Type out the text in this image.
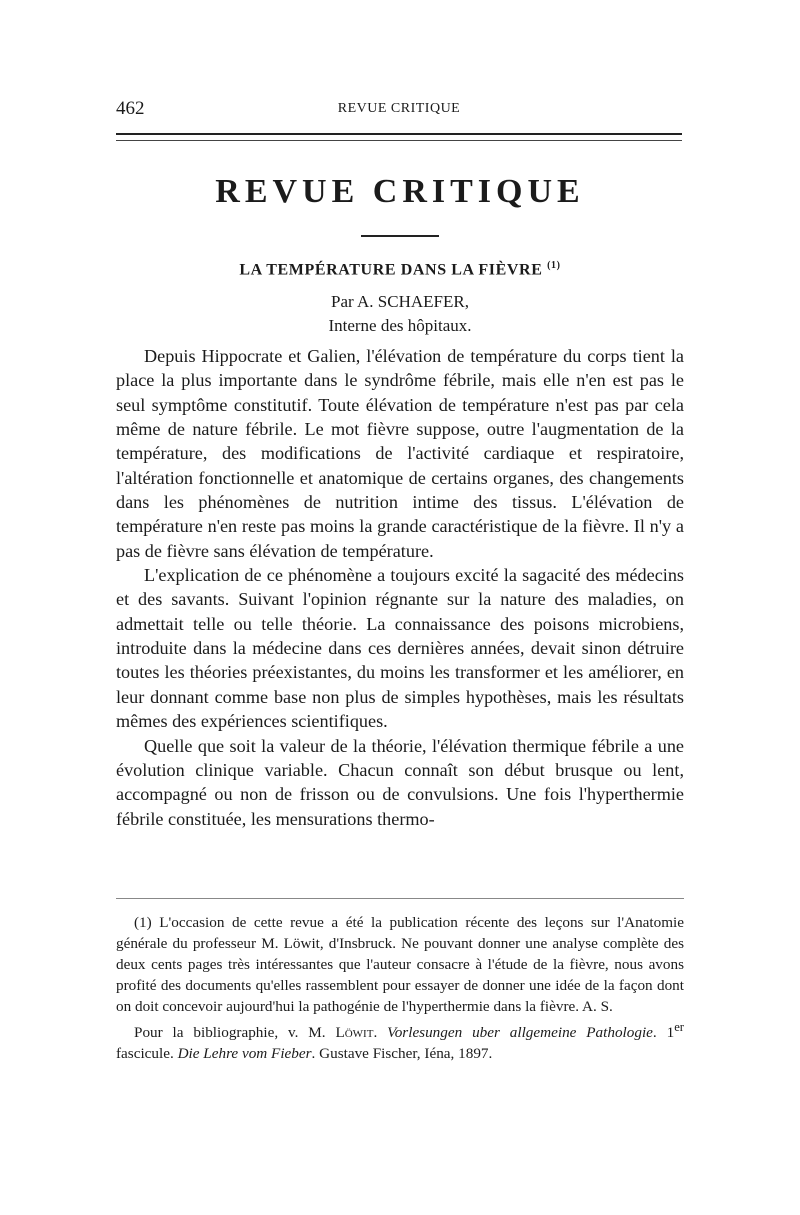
462	REVUE CRITIQUE
REVUE CRITIQUE
LA TEMPÉRATURE DANS LA FIÈVRE $^{(1)}$
Par A. SCHAEFER,
Interne des hôpitaux.

Depuis Hippocrate et Galien, l'élévation de température du corps tient la place la plus importante dans le syndrôme fébrile, mais elle n'en est pas le seul symptôme constitutif. Toute élévation de température n'est pas par cela même de nature fébrile. Le mot fièvre suppose, outre l'augmentation de la température, des modifications de l'activité cardiaque et respiratoire, l'altération fonctionnelle et anatomique de certains organes, des changements dans les phénomènes de nutrition intime des tissus. L'élévation de température n'en reste pas moins la grande caractéristique de la fièvre. Il n'y a pas de fièvre sans élévation de température.

L'explication de ce phénomène a toujours excité la sagacité des médecins et des savants. Suivant l'opinion régnante sur la nature des maladies, on admettait telle ou telle théorie. La connaissance des poisons microbiens, introduite dans la médecine dans ces dernières années, devait sinon détruire toutes les théories préexistantes, du moins les transformer et les améliorer, en leur donnant comme base non plus de simples hypothèses, mais les résultats mêmes des expériences scientifiques.

Quelle que soit la valeur de la théorie, l'élévation thermique fébrile a une évolution clinique variable. Chacun connaît son début brusque ou lent, accompagné ou non de frisson ou de convulsions. Une fois l'hyperthermie fébrile constituée, les mensurations thermo-

(1) L'occasion de cette revue a été la publication récente des leçons sur l'Anatomie générale du professeur M. Löwit, d'Insbruck. Ne pouvant donner une analyse complète des deux cents pages très intéressantes que l'auteur consacre à l'étude de la fièvre, nous avons profité des documents qu'elles rassemblent pour essayer de donner une idée de la façon dont on doit concevoir aujourd'hui la pathogénie de l'hyperthermie dans la fièvre. A. S.

Pour la bibliographie, v. M. Löwit. Vorlesungen uber allgemeine Pathologie. 1er fascicule. Die Lehre vom Fieber. Gustave Fischer, Iéna, 1897.
